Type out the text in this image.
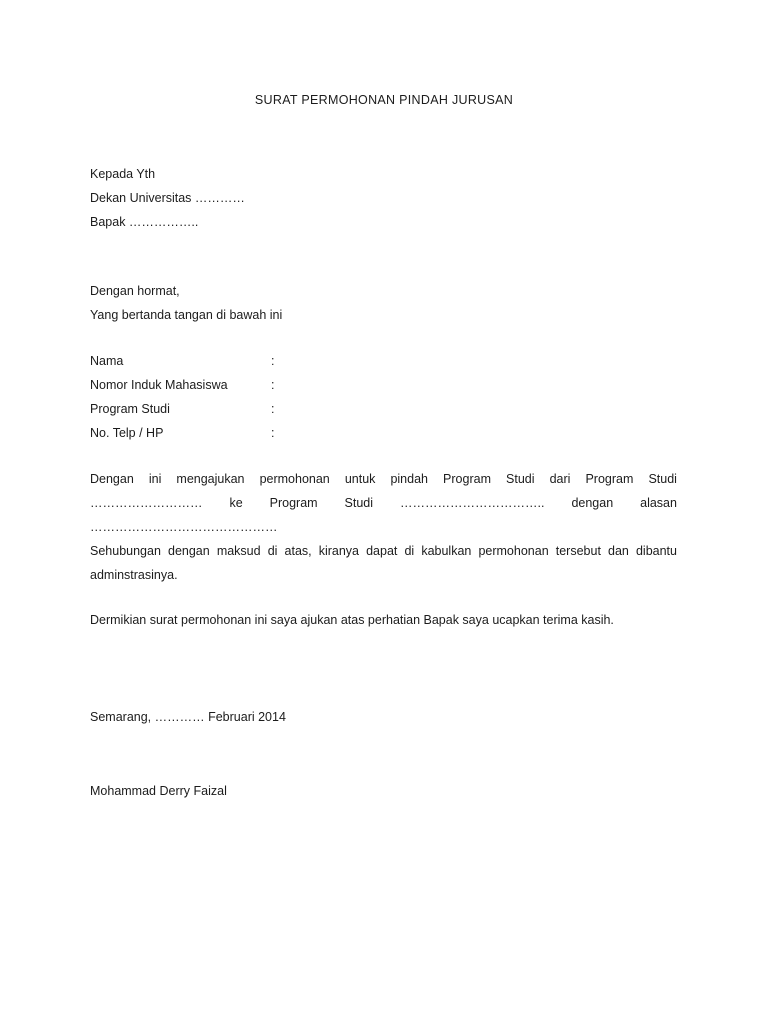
SURAT PERMOHONAN PINDAH JURUSAN
Kepada Yth
Dekan Universitas …………
Bapak ……………..
Dengan hormat,
Yang bertanda tangan di bawah ini
Nama	:
Nomor Induk Mahasiswa	:
Program Studi	:
No. Telp / HP	:
Dengan ini mengajukan permohonan untuk pindah Program Studi dari Program Studi
……………………… ke Program Studi …………………………….. dengan alasan
………………………………………
Sehubungan dengan maksud di atas, kiranya dapat di kabulkan permohonan tersebut dan dibantu
adminstrasinya.
Dermikian surat permohonan ini saya ajukan atas perhatian Bapak saya ucapkan terima kasih.
Semarang, ………… Februari 2014
Mohammad Derry Faizal
